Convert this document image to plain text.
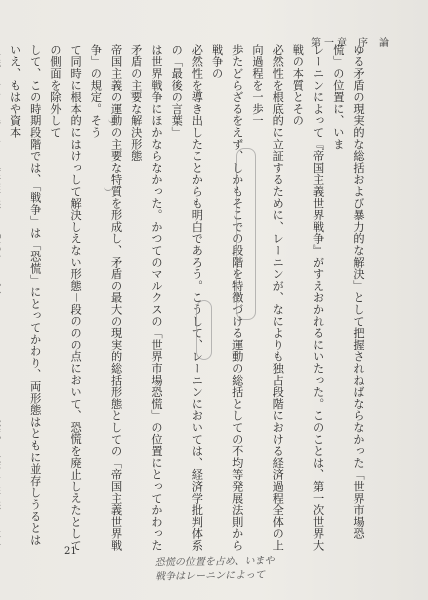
第一章 序 論
ゆる矛盾の現実的な総括および暴力的な解決」として把握されねばならなかった「世界市場恐慌」の位置に、いま
レーニンによって『帝国主義世界戦争』がすえおかれるにいたった。このことは、第一次世界大戦の本質とその
必然性を根底的に立証するために、レーニンが、なによりも独占段階における経済過程全体の上向過程を一歩一
歩たどらざるをえず、しかもそこでの段階を特徴づける運動の総括としての不均等発展法則から戦争の
必然性を導き出したことからも明白であろう。こうして、レーニンにおいては、経済学批判体系の「最後の言葉」
は世界戦争にほかならなかった。かつてのマルクスの「世界市場恐慌」の位置にとってかわった矛盾の主要な解決形態
帝国主義の運動の主要な特質を形成し、矛盾の最大の現実的総括形態としての「帝国主義世界戦争」の規定。そう
て同時に根本的にはけっして解決しえない形態－段ののの点において、恐慌を廃止しえたとしての側面を除外して
して、この時期段階では、「戦争」は「恐慌」にとってかわり、両形態はともに並存しうるとはいえ、もはや資本
21
恐慌の位置を占め、いまや
戦争はレーニンによって
